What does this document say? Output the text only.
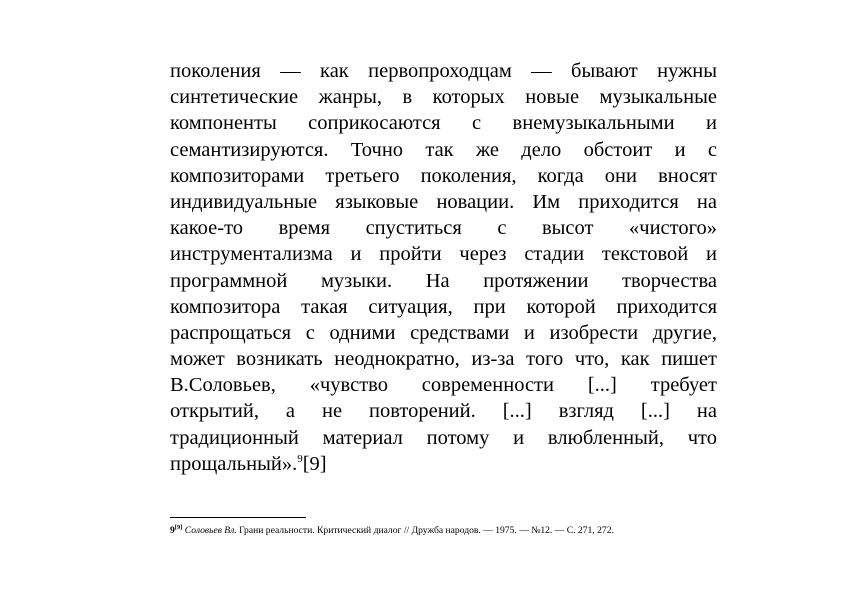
поколения — как первопроходцам — бывают нужны
синтетические жанры, в которых новые музыкальные
компоненты соприкосаются с внемузыкальными и
семантизируются. Точно так же дело обстоит и с
композиторами третьего поколения, когда они вносят
индивидуальные языковые новации. Им приходится на
какое-то время спуститься с высот «чистого»
инструментализма и пройти через стадии текстовой и
программной музыки. На протяжении творчества
композитора такая ситуация, при которой приходится
распрощаться с одними средствами и изобрести другие,
может возникать неоднократно, из-за того что, как пишет
В.Соловьев, «чувство современности [...] требует
открытий, а не повторений. [...] взгляд [...] на
традиционный материал потому и влюбленный, что
прощальный».$^9$[9]
9[9] Соловьев Вл. Грани реальности. Критический диалог // Дружба народов. — 1975. — №12. — С. 271, 272.
